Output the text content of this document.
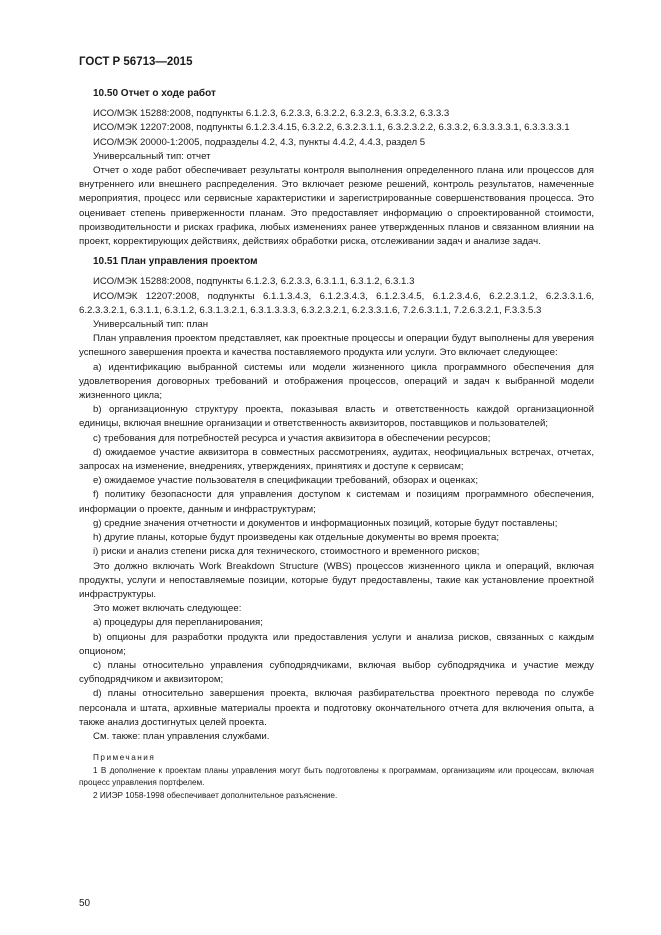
ГОСТ Р 56713—2015
10.50 Отчет о ходе работ

ИСО/МЭК 15288:2008, подпункты 6.1.2.3, 6.2.3.3, 6.3.2.2, 6.3.2.3, 6.3.3.2, 6.3.3.3

ИСО/МЭК 12207:2008, подпункты 6.1.2.3.4.15, 6.3.2.2, 6.3.2.3.1.1, 6.3.2.3.2.2, 6.3.3.2, 6.3.3.3.3.1, 6.3.3.3.3.1

ИСО/МЭК 20000-1:2005, подразделы 4.2, 4.3, пункты 4.4.2, 4.4.3, раздел 5

Универсальный тип: отчет

Отчет о ходе работ обеспечивает результаты контроля выполнения определенного плана или процессов для внутреннего или внешнего распределения. Это включает резюме решений, контроль результатов, намеченные мероприятия, процесс или сервисные характеристики и зарегистрированные совершенствования процесса. Это оценивает степень приверженности планам. Это предоставляет информацию о спроектированной стоимости, производительности и рисках графика, любых изменениях ранее утвержденных планов и связанном влиянии на проект, корректирующих действиях, действиях обработки риска, отслеживании задач и анализе задач.

10.51 План управления проектом

ИСО/МЭК 15288:2008, подпункты 6.1.2.3, 6.2.3.3, 6.3.1.1, 6.3.1.2, 6.3.1.3

ИСО/МЭК 12207:2008, подпункты 6.1.1.3.4.3, 6.1.2.3.4.3, 6.1.2.3.4.5, 6.1.2.3.4.6, 6.2.2.3.1.2, 6.2.3.3.1.6, 6.2.3.3.2.1, 6.3.1.1, 6.3.1.2, 6.3.1.3.2.1, 6.3.1.3.3.3, 6.3.2.3.2.1, 6.2.3.3.1.6, 7.2.6.3.1.1, 7.2.6.3.2.1, F.3.3.5.3

Универсальный тип: план

План управления проектом представляет, как проектные процессы и операции будут выполнены для уверения успешного завершения проекта и качества поставляемого продукта или услуги. Это включает следующее:

a) идентификацию выбранной системы или модели жизненного цикла программного обеспечения для удовлетворения договорных требований и отображения процессов, операций и задач к выбранной модели жизненного цикла;

b) организационную структуру проекта, показывая власть и ответственность каждой организационной единицы, включая внешние организации и ответственность аквизиторов, поставщиков и пользователей;

c) требования для потребностей ресурса и участия аквизитора в обеспечении ресурсов;

d) ожидаемое участие аквизитора в совместных рассмотрениях, аудитах, неофициальных встречах, отчетах, запросах на изменение, внедрениях, утверждениях, принятиях и доступе к сервисам;

e) ожидаемое участие пользователя в спецификации требований, обзорах и оценках;

f) политику безопасности для управления доступом к системам и позициям программного обеспечения, информации о проекте, данным и инфраструктурам;

g) средние значения отчетности и документов и информационных позиций, которые будут поставлены;

h) другие планы, которые будут произведены как отдельные документы во время проекта;

i) риски и анализ степени риска для технического, стоимостного и временного рисков;

Это должно включать Work Breakdown Structure (WBS) процессов жизненного цикла и операций, включая продукты, услуги и непоставляемые позиции, которые будут предоставлены, такие как установление проектной инфраструктуры.

Это может включать следующее:

a) процедуры для перепланирования;

b) опционы для разработки продукта или предоставления услуги и анализа рисков, связанных с каждым опционом;

c) планы относительно управления субподрядчиками, включая выбор субподрядчика и участие между субподрядчиком и аквизитором;

d) планы относительно завершения проекта, включая разбирательства проектного перевода по службе персонала и штата, архивные материалы проекта и подготовку окончательного отчета для включения опыта, а также анализ достигнутых целей проекта.

См. также: план управления службами.

Примечания

1 В дополнение к проектам планы управления могут быть подготовлены к программам, организациям или процессам, включая процесс управления портфелем.

2 ИИЭР 1058-1998 обеспечивает дополнительное разъяснение.

50
